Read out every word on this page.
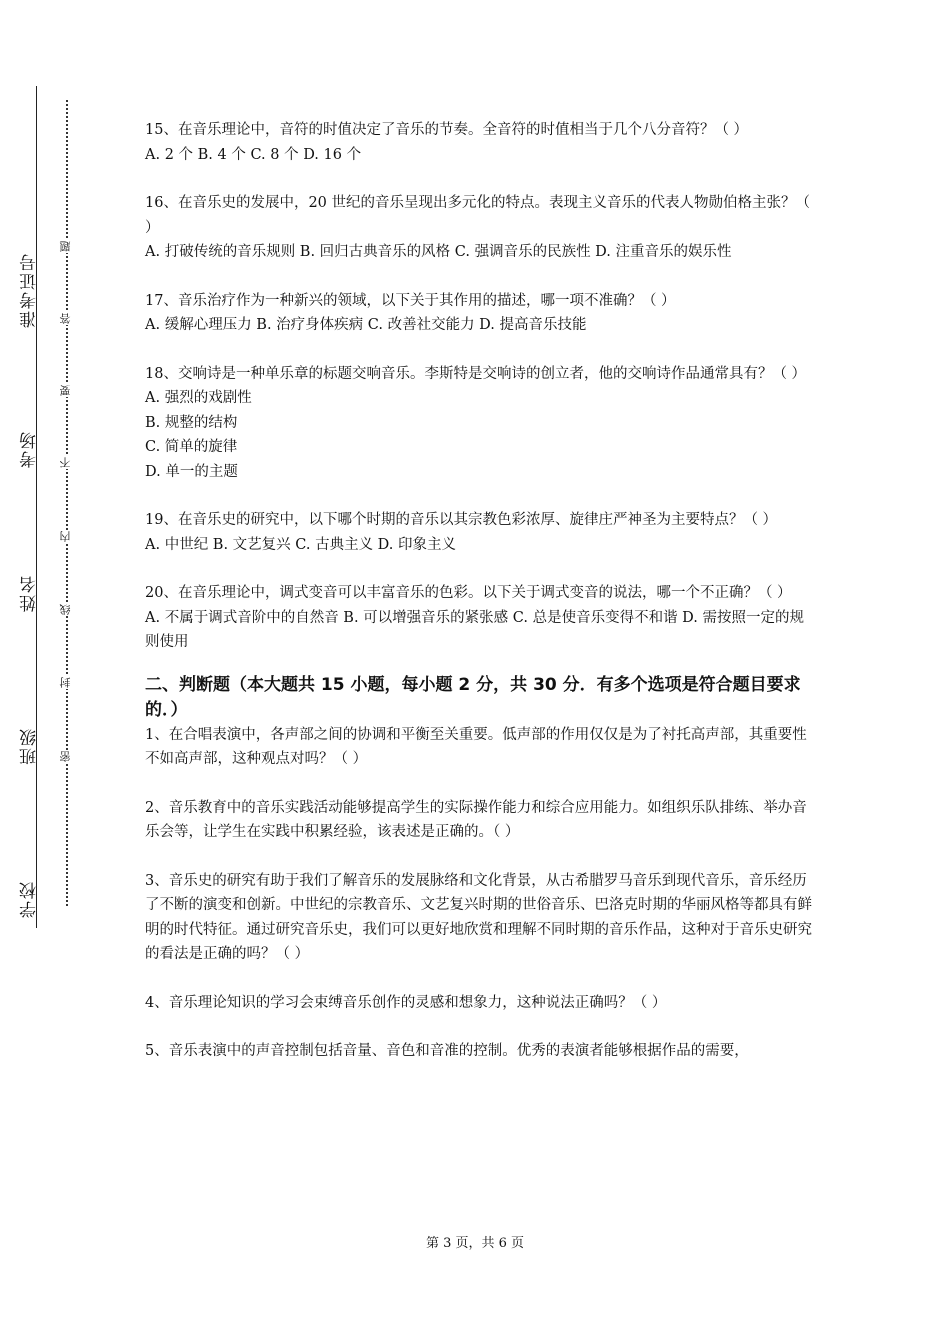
准考证号
考场
姓名
班级
学校
题
答
要
不
内
线
封
密

15、在音乐理论中，音符的时值决定了音乐的节奏。全音符的时值相当于几个八分音符？（ ）

A. 2 个 B. 4 个 C. 8 个 D. 16 个

16、在音乐史的发展中，20 世纪的音乐呈现出多元化的特点。表现主义音乐的代表人物勋伯格主张？（ ）

A. 打破传统的音乐规则 B. 回归古典音乐的风格 C. 强调音乐的民族性 D. 注重音乐的娱乐性

17、音乐治疗作为一种新兴的领域，以下关于其作用的描述，哪一项不准确？（ ）

A. 缓解心理压力 B. 治疗身体疾病 C. 改善社交能力 D. 提高音乐技能

18、交响诗是一种单乐章的标题交响音乐。李斯特是交响诗的创立者，他的交响诗作品通常具有？（ ）

A. 强烈的戏剧性

B. 规整的结构

C. 简单的旋律

D. 单一的主题

19、在音乐史的研究中，以下哪个时期的音乐以其宗教色彩浓厚、旋律庄严神圣为主要特点？（ ）

A. 中世纪 B. 文艺复兴 C. 古典主义 D. 印象主义

20、在音乐理论中，调式变音可以丰富音乐的色彩。以下关于调式变音的说法，哪一个不正确？（ ）

A. 不属于调式音阶中的自然音 B. 可以增强音乐的紧张感 C. 总是使音乐变得不和谐 D. 需按照一定的规则使用

二、判断题（本大题共 15 小题，每小题 2 分，共 30 分．有多个选项是符合题目要求的．）

1、在合唱表演中，各声部之间的协调和平衡至关重要。低声部的作用仅仅是为了衬托高声部，其重要性不如高声部，这种观点对吗？（ ）

2、音乐教育中的音乐实践活动能够提高学生的实际操作能力和综合应用能力。如组织乐队排练、举办音乐会等，让学生在实践中积累经验，该表述是正确的。（ ）

3、音乐史的研究有助于我们了解音乐的发展脉络和文化背景，从古希腊罗马音乐到现代音乐，音乐经历了不断的演变和创新。中世纪的宗教音乐、文艺复兴时期的世俗音乐、巴洛克时期的华丽风格等都具有鲜明的时代特征。通过研究音乐史，我们可以更好地欣赏和理解不同时期的音乐作品，这种对于音乐史研究的看法是正确的吗？（ ）

4、音乐理论知识的学习会束缚音乐创作的灵感和想象力，这种说法正确吗？（ ）

5、音乐表演中的声音控制包括音量、音色和音准的控制。优秀的表演者能够根据作品的需要，

第 3 页，共 6 页
